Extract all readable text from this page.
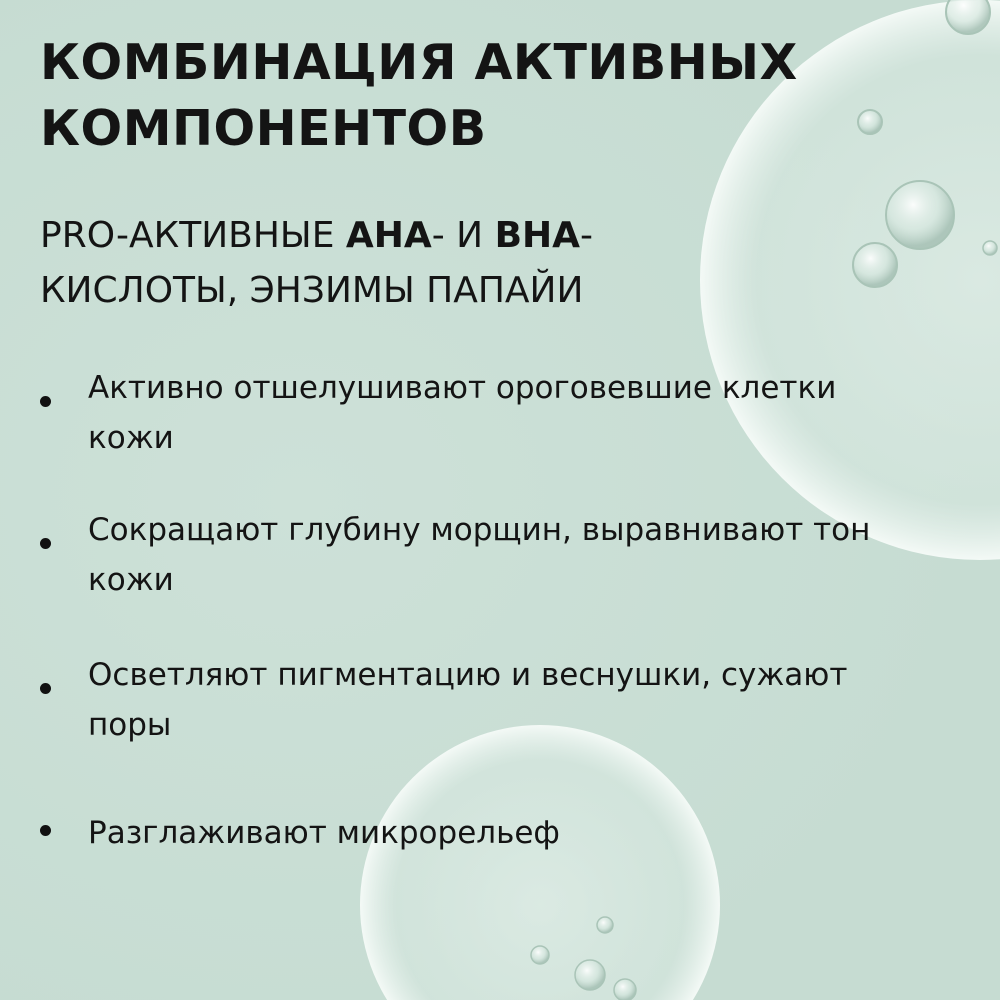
КОМБИНАЦИЯ АКТИВНЫХ КОМПОНЕНТОВ

PRO-АКТИВНЫЕ AHA- И BHA- КИСЛОТЫ, ЭНЗИМЫ ПАПАЙИ

Активно отшелушивают ороговевшие клетки кожи
Сокращают глубину морщин, выравнивают тон кожи
Осветляют пигментацию и веснушки, сужают поры
Разглаживают микрорельеф
